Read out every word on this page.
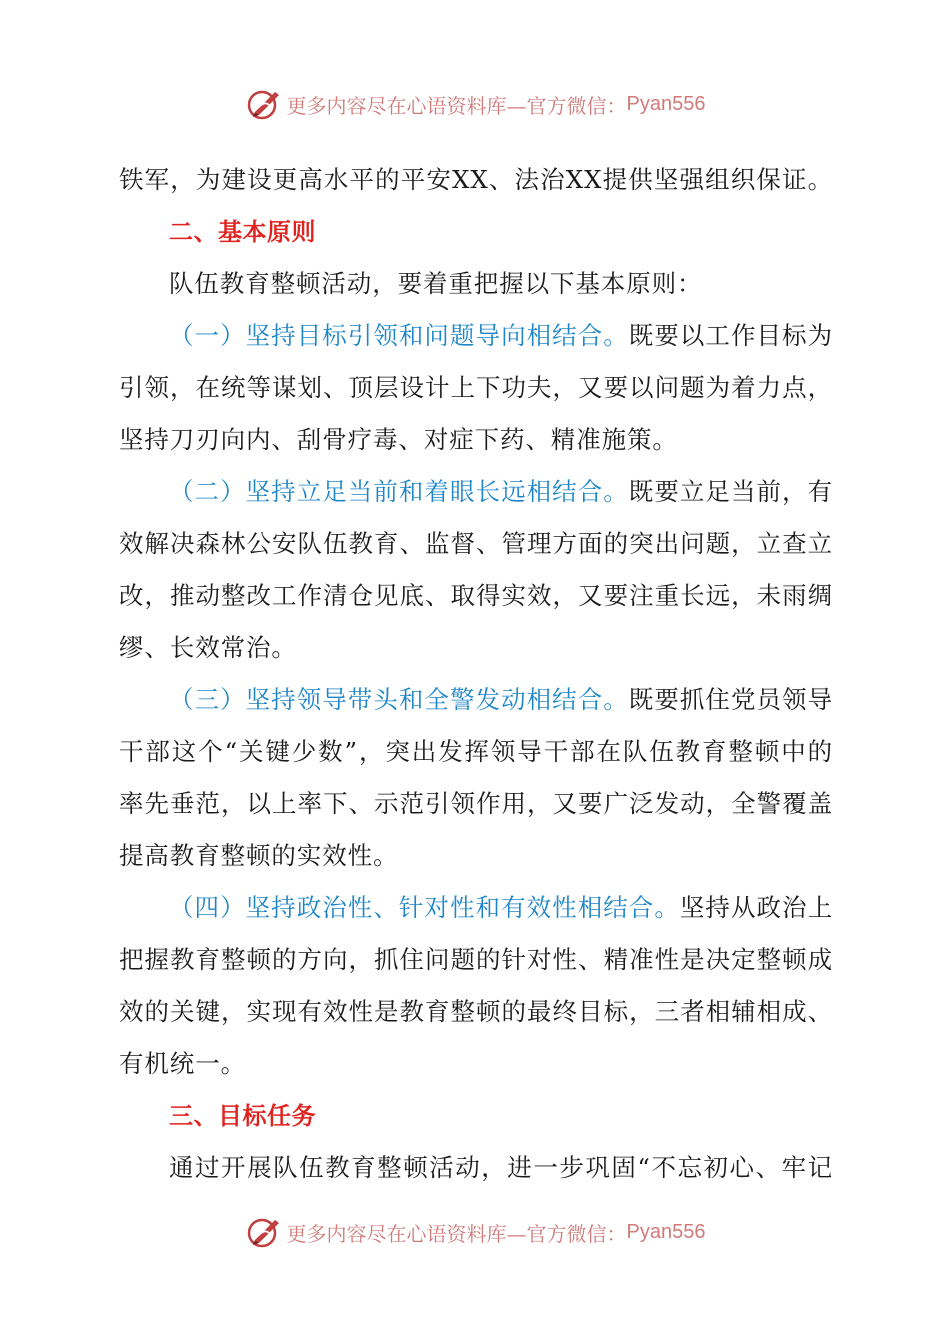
更多内容尽在心语资料库—官方微信： Pyan556
铁军，为建设更高水平的平安XX、法治XX提供坚强组织保证。
二、基本原则
队伍教育整顿活动，要着重把握以下基本原则：
（一）坚持目标引领和问题导向相结合。既要以工作目标为
引领，在统等谋划、顶层设计上下功夫，又要以问题为着力点，
坚持刀刃向内、刮骨疗毒、对症下药、精准施策。
（二）坚持立足当前和着眼长远相结合。既要立足当前，有
效解决森林公安队伍教育、监督、管理方面的突出问题，立查立
改，推动整改工作清仓见底、取得实效，又要注重长远，未雨绸
缪、长效常治。
（三）坚持领导带头和全警发动相结合。既要抓住党员领导
干部这个“关键少数”，突出发挥领导干部在队伍教育整顿中的
率先垂范，以上率下、示范引领作用，又要广泛发动，全警覆盖
提高教育整顿的实效性。
（四）坚持政治性、针对性和有效性相结合。坚持从政治上
把握教育整顿的方向，抓住问题的针对性、精准性是决定整顿成
效的关键，实现有效性是教育整顿的最终目标，三者相辅相成、
有机统一。
三、目标任务
通过开展队伍教育整顿活动，进一步巩固“不忘初心、牢记
更多内容尽在心语资料库—官方微信： Pyan556
